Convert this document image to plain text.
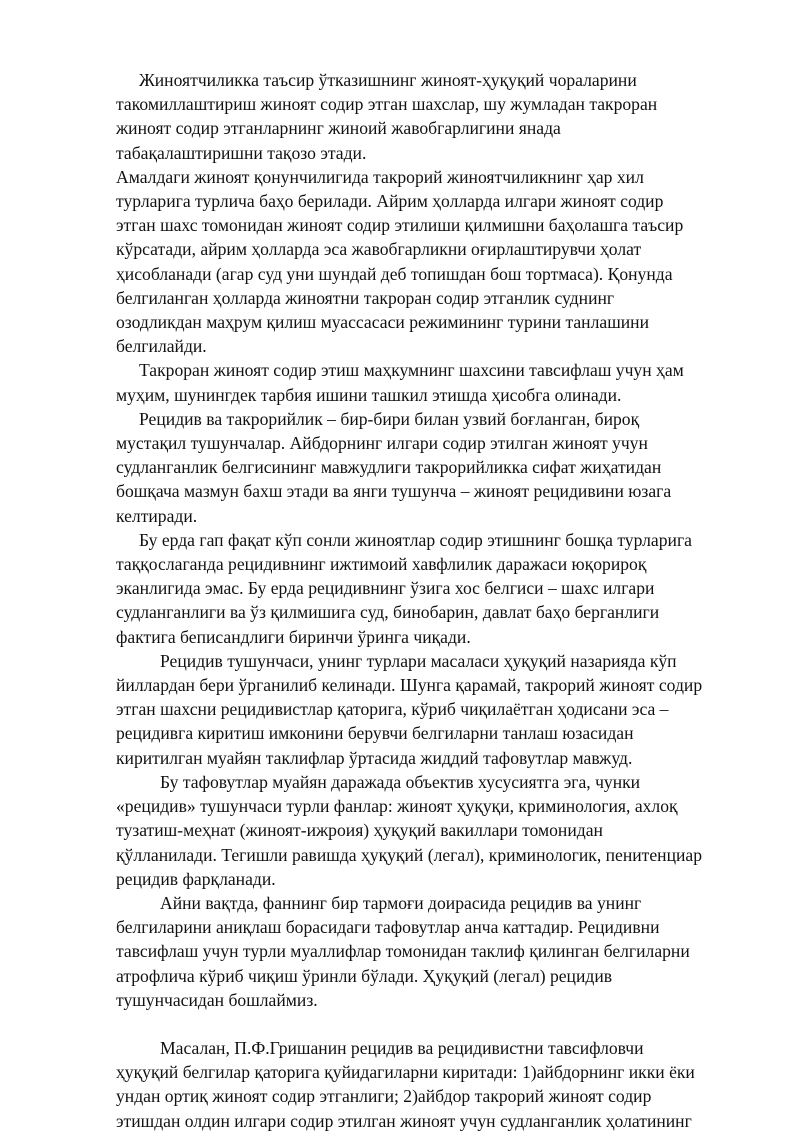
Жиноятчиликка таъсир ўтказишнинг жиноят-ҳуқуқий чораларини
такомиллаштириш жиноят содир этган шахслар, шу жумладан такроран
жиноят содир этганларнинг жиноий жавобгарлигини янада
табақалаштиришни тақозо этади.
Амалдаги жиноят қонунчилигида такрорий жиноятчиликнинг ҳар хил
турларига турлича баҳо берилади. Айрим ҳолларда илгари жиноят содир
этган шахс томонидан жиноят содир этилиши қилмишни баҳолашга таъсир
кўрсатади, айрим ҳолларда эса жавобгарликни оғирлаштирувчи ҳолат
ҳисобланади (агар суд уни шундай деб топишдан бош тортмаса). Қонунда
белгиланган ҳолларда жиноятни такроран содир этганлик суднинг
озодликдан маҳрум қилиш муассасаси режимининг турини танлашини
белгилайди.
Такроран жиноят содир этиш маҳкумнинг шахсини тавсифлаш учун ҳам
муҳим, шунингдек тарбия ишини ташкил этишда ҳисобга олинади.
Рецидив ва такрорийлик – бир-бири билан узвий боғланган, бироқ
мустақил тушунчалар. Айбдорнинг илгари содир этилган жиноят учун
судланганлик белгисининг мавжудлиги такрорийликка сифат жиҳатидан
бошқача мазмун бахш этади ва янги тушунча – жиноят рецидивини юзага
келтиради.
Бу ерда гап фақат кўп сонли жиноятлар содир этишнинг бошқа турларига
таққослаганда рецидивнинг ижтимоий хавфлилик даражаси юқорироқ
эканлигида эмас. Бу ерда рецидивнинг ўзига хос белгиси – шахс илгари
судланганлиги ва ўз қилмишига суд, бинобарин, давлат баҳо берганлиги
фактига беписандлиги биринчи ўринга чиқади.
Рецидив тушунчаси, унинг турлари масаласи ҳуқуқий назарияда кўп
йиллардан бери ўрганилиб келинади. Шунга қарамай, такрорий жиноят содир
этган шахсни рецидивистлар қаторига, кўриб чиқилаётган ҳодисани эса –
рецидивга киритиш имконини берувчи белгиларни танлаш юзасидан
киритилган муайян таклифлар ўртасида жиддий тафовутлар мавжуд.
Бу тафовутлар муайян даражада объектив хусусиятга эга, чунки
«рецидив» тушунчаси турли фанлар: жиноят ҳуқуқи, криминология, ахлоқ
тузатиш-меҳнат (жиноят-ижроия) ҳуқуқий вакиллари томонидан
қўлланилади. Тегишли равишда ҳуқуқий (легал), криминологик, пенитенциар
рецидив фарқланади.
Айни вақтда, фаннинг бир тармоғи доирасида рецидив ва унинг
белгиларини аниқлаш борасидаги тафовутлар анча каттадир. Рецидивни
тавсифлаш учун турли муаллифлар томонидан таклиф қилинган белгиларни
атрофлича кўриб чиқиш ўринли бўлади. Ҳуқуқий (легал) рецидив
тушунчасидан бошлаймиз.
Масалан, П.Ф.Гришанин рецидив ва рецидивистни тавсифловчи
ҳуқуқий белгилар қаторига қуйидагиларни киритади: 1)айбдорнинг икки ёки
ундан ортиқ жиноят содир этганлиги; 2)айбдор такрорий жиноят содир
этишдан олдин илгари содир этилган жиноят учун судланганлик ҳолатининг
